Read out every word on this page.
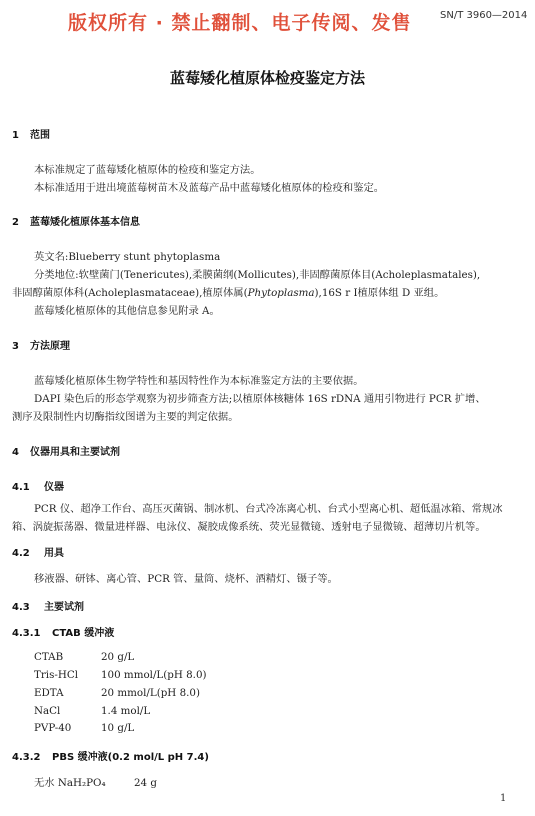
版权所有 · 禁止翻制、电子传阅、发售	SN/T 3960—2014
蓝莓矮化植原体检疫鉴定方法
1 范围
本标准规定了蓝莓矮化植原体的检疫和鉴定方法。
本标准适用于进出境蓝莓树苗木及蓝莓产品中蓝莓矮化植原体的检疫和鉴定。
2 蓝莓矮化植原体基本信息
英文名:Blueberry stunt phytoplasma
分类地位:软壁菌门(Tenericutes),柔膜菌纲(Mollicutes),非固醇菌原体目(Acholeplasmatales),
非固醇菌原体科(Acholeplasmataceae),植原体属(Phytoplasma),16S r Ⅰ植原体组 D 亚组。
蓝莓矮化植原体的其他信息参见附录 A。
3 方法原理
蓝莓矮化植原体生物学特性和基因特性作为本标准鉴定方法的主要依据。
DAPI 染色后的形态学观察为初步筛查方法;以植原体核糖体 16S rDNA 通用引物进行 PCR 扩增、
测序及限制性内切酶指纹图谱为主要的判定依据。
4 仪器用具和主要试剂
4.1 仪器
PCR 仪、超净工作台、高压灭菌锅、制冰机、台式冷冻离心机、台式小型离心机、超低温冰箱、常规冰
箱、涡旋振荡器、微量进样器、电泳仪、凝胶成像系统、荧光显微镜、透射电子显微镜、超薄切片机等。
4.2 用具
移液器、研钵、离心管、PCR 管、量筒、烧杯、酒精灯、镊子等。
4.3 主要试剂
4.3.1 CTAB 缓冲液
CTAB	20 g/L
Tris-HCl 100 mmol/L(pH 8.0)
EDTA	20 mmol/L(pH 8.0)
NaCl	1.4 mol/L
PVP-40	10 g/L
4.3.2 PBS 缓冲液(0.2 mol/L pH 7.4)
无水 NaH₂PO₄	24 g
1
